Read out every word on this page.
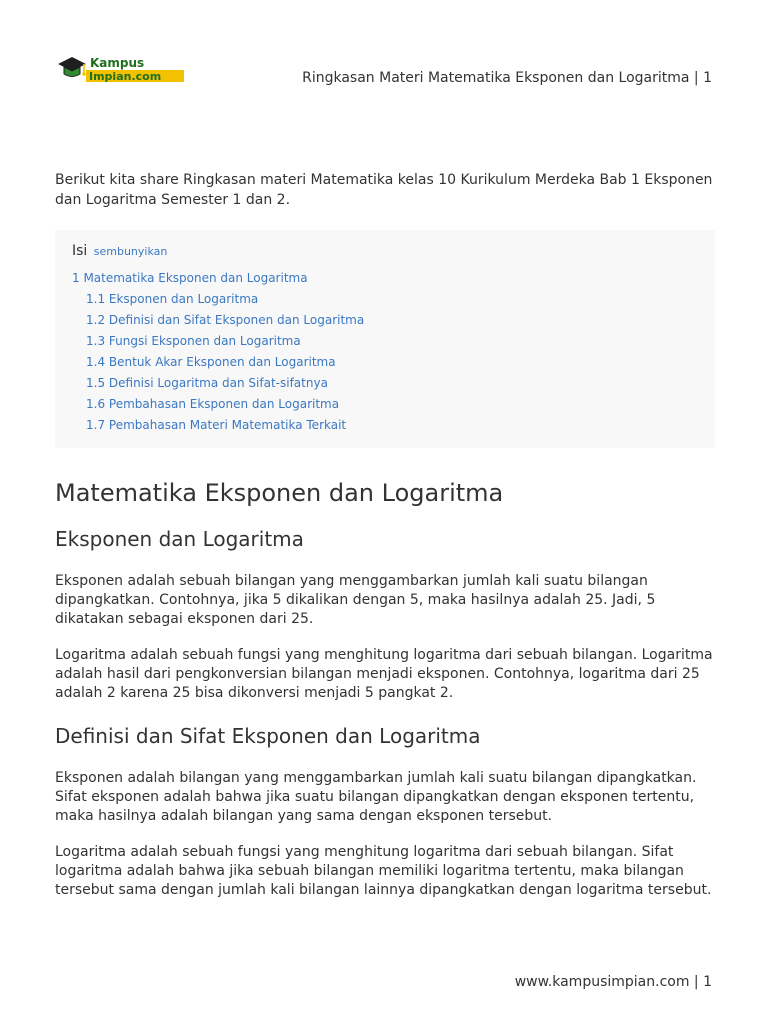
Kampus
Impian.com	Ringkasan Materi Matematika Eksponen dan Logaritma | 1

Berikut kita share Ringkasan materi Matematika kelas 10 Kurikulum Merdeka Bab 1 Eksponen dan Logaritma Semester 1 dan 2.

Isi sembunyikan
1 Matematika Eksponen dan Logaritma
1.1 Eksponen dan Logaritma
1.2 Definisi dan Sifat Eksponen dan Logaritma
1.3 Fungsi Eksponen dan Logaritma
1.4 Bentuk Akar Eksponen dan Logaritma
1.5 Definisi Logaritma dan Sifat-sifatnya
1.6 Pembahasan Eksponen dan Logaritma
1.7 Pembahasan Materi Matematika Terkait
Matematika Eksponen dan Logaritma
Eksponen dan Logaritma

Eksponen adalah sebuah bilangan yang menggambarkan jumlah kali suatu bilangan dipangkatkan. Contohnya, jika 5 dikalikan dengan 5, maka hasilnya adalah 25. Jadi, 5 dikatakan sebagai eksponen dari 25.

Logaritma adalah sebuah fungsi yang menghitung logaritma dari sebuah bilangan. Logaritma adalah hasil dari pengkonversian bilangan menjadi eksponen. Contohnya, logaritma dari 25 adalah 2 karena 25 bisa dikonversi menjadi 5 pangkat 2.

Definisi dan Sifat Eksponen dan Logaritma

Eksponen adalah bilangan yang menggambarkan jumlah kali suatu bilangan dipangkatkan. Sifat eksponen adalah bahwa jika suatu bilangan dipangkatkan dengan eksponen tertentu, maka hasilnya adalah bilangan yang sama dengan eksponen tersebut.

Logaritma adalah sebuah fungsi yang menghitung logaritma dari sebuah bilangan. Sifat logaritma adalah bahwa jika sebuah bilangan memiliki logaritma tertentu, maka bilangan tersebut sama dengan jumlah kali bilangan lainnya dipangkatkan dengan logaritma tersebut.

www.kampusimpian.com | 1
